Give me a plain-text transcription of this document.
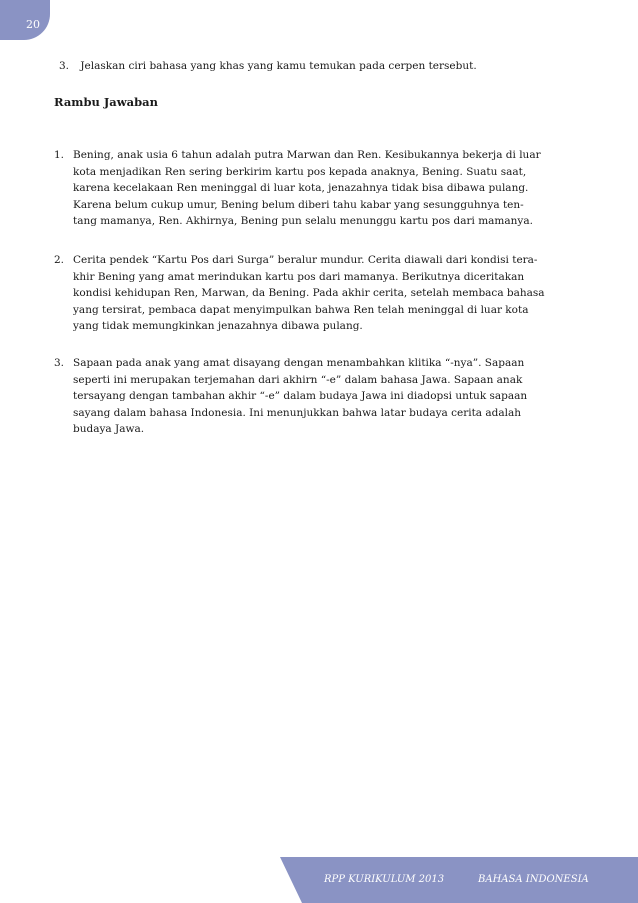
20
3. Jelaskan ciri bahasa yang khas yang kamu temukan pada cerpen tersebut.
Rambu Jawaban
1. Bening, anak usia 6 tahun adalah putra Marwan dan Ren. Kesibukannya bekerja di luar
kota menjadikan Ren sering berkirim kartu pos kepada anaknya, Bening. Suatu saat,
karena kecelakaan Ren meninggal di luar kota, jenazahnya tidak bisa dibawa pulang.
Karena belum cukup umur, Bening belum diberi tahu kabar yang sesungguhnya ten-
tang mamanya, Ren. Akhirnya, Bening pun selalu menunggu kartu pos dari mamanya.
2. Cerita pendek “Kartu Pos dari Surga” beralur mundur. Cerita diawali dari kondisi tera-
khir Bening yang amat merindukan kartu pos dari mamanya. Berikutnya diceritakan
kondisi kehidupan Ren, Marwan, da Bening. Pada akhir cerita, setelah membaca bahasa
yang tersirat, pembaca dapat menyimpulkan bahwa Ren telah meninggal di luar kota
yang tidak memungkinkan jenazahnya dibawa pulang.
3. Sapaan pada anak yang amat disayang dengan menambahkan klitika “-nya”. Sapaan
seperti ini merupakan terjemahan dari akhirn “-e” dalam bahasa Jawa. Sapaan anak
tersayang dengan tambahan akhir “-e” dalam budaya Jawa ini diadopsi untuk sapaan
sayang dalam bahasa Indonesia. Ini menunjukkan bahwa latar budaya cerita adalah
budaya Jawa.
RPP KURIKULUM 2013	BAHASA INDONESIA
